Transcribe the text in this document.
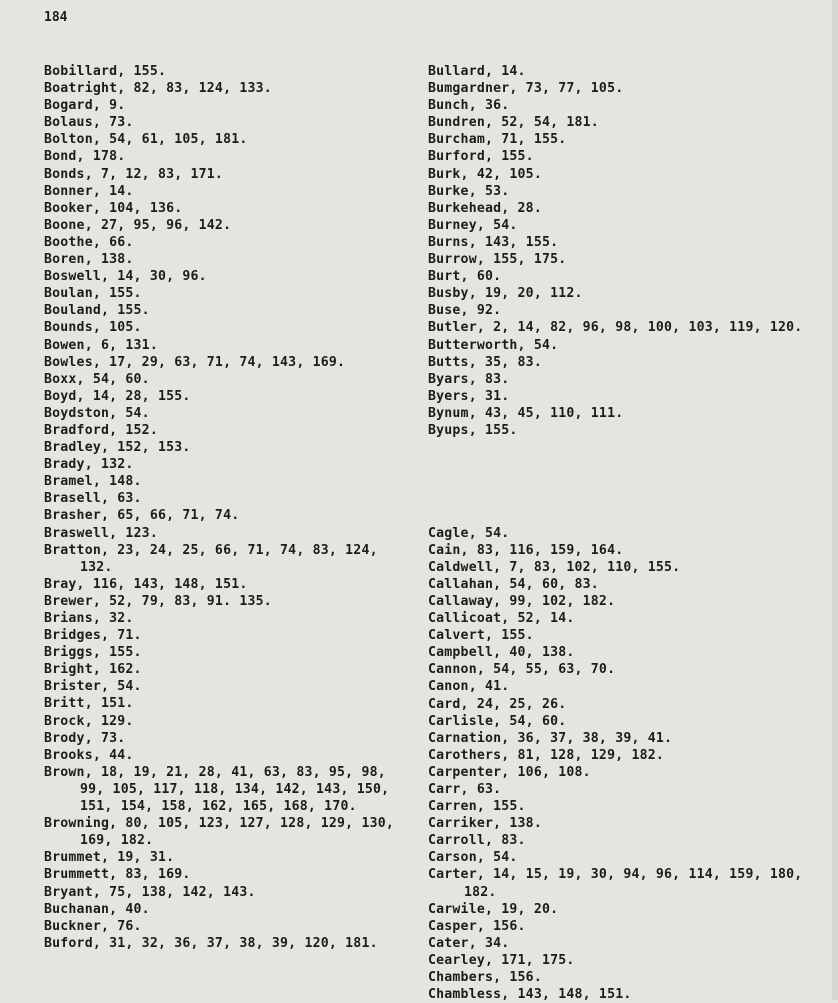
184
Bobillard, 155.
Boatright, 82, 83, 124, 133.
Bogard, 9.
Bolaus, 73.
Bolton, 54, 61, 105, 181.
Bond, 178.
Bonds, 7, 12, 83, 171.
Bonner, 14.
Booker, 104, 136.
Boone, 27, 95, 96, 142.
Boothe, 66.
Boren, 138.
Boswell, 14, 30, 96.
Boulan, 155.
Bouland, 155.
Bounds, 105.
Bowen, 6, 131.
Bowles, 17, 29, 63, 71, 74, 143, 169.
Boxx, 54, 60.
Boyd, 14, 28, 155.
Boydston, 54.
Bradford, 152.
Bradley, 152, 153.
Brady, 132.
Bramel, 148.
Brasell, 63.
Brasher, 65, 66, 71, 74.
Braswell, 123.
Bratton, 23, 24, 25, 66, 71, 74, 83, 124, 132.
Bray, 116, 143, 148, 151.
Brewer, 52, 79, 83, 91. 135.
Brians, 32.
Bridges, 71.
Briggs, 155.
Bright, 162.
Brister, 54.
Britt, 151.
Brock, 129.
Brody, 73.
Brooks, 44.
Brown, 18, 19, 21, 28, 41, 63, 83, 95, 98, 99, 105, 117, 118, 134, 142, 143, 150, 151, 154, 158, 162, 165, 168, 170.
Browning, 80, 105, 123, 127, 128, 129, 130, 169, 182.
Brummet, 19, 31.
Brummett, 83, 169.
Bryant, 75, 138, 142, 143.
Buchanan, 40.
Buckner, 76.
Buford, 31, 32, 36, 37, 38, 39, 120, 181.
Bullard, 14.
Bumgardner, 73, 77, 105.
Bunch, 36.
Bundren, 52, 54, 181.
Burcham, 71, 155.
Burford, 155.
Burk, 42, 105.
Burke, 53.
Burkehead, 28.
Burney, 54.
Burns, 143, 155.
Burrow, 155, 175.
Burt, 60.
Busby, 19, 20, 112.
Buse, 92.
Butler, 2, 14, 82, 96, 98, 100, 103, 119, 120.
Butterworth, 54.
Butts, 35, 83.
Byars, 83.
Byers, 31.
Bynum, 43, 45, 110, 111.
Byups, 155.
Cagle, 54.
Cain, 83, 116, 159, 164.
Caldwell, 7, 83, 102, 110, 155.
Callahan, 54, 60, 83.
Callaway, 99, 102, 182.
Callicoat, 52, 14.
Calvert, 155.
Campbell, 40, 138.
Cannon, 54, 55, 63, 70.
Canon, 41.
Card, 24, 25, 26.
Carlisle, 54, 60.
Carnation, 36, 37, 38, 39, 41.
Carothers, 81, 128, 129, 182.
Carpenter, 106, 108.
Carr, 63.
Carren, 155.
Carriker, 138.
Carroll, 83.
Carson, 54.
Carter, 14, 15, 19, 30, 94, 96, 114, 159, 180, 182.
Carwile, 19, 20.
Casper, 156.
Cater, 34.
Cearley, 171, 175.
Chambers, 156.
Chambless, 143, 148, 151.
